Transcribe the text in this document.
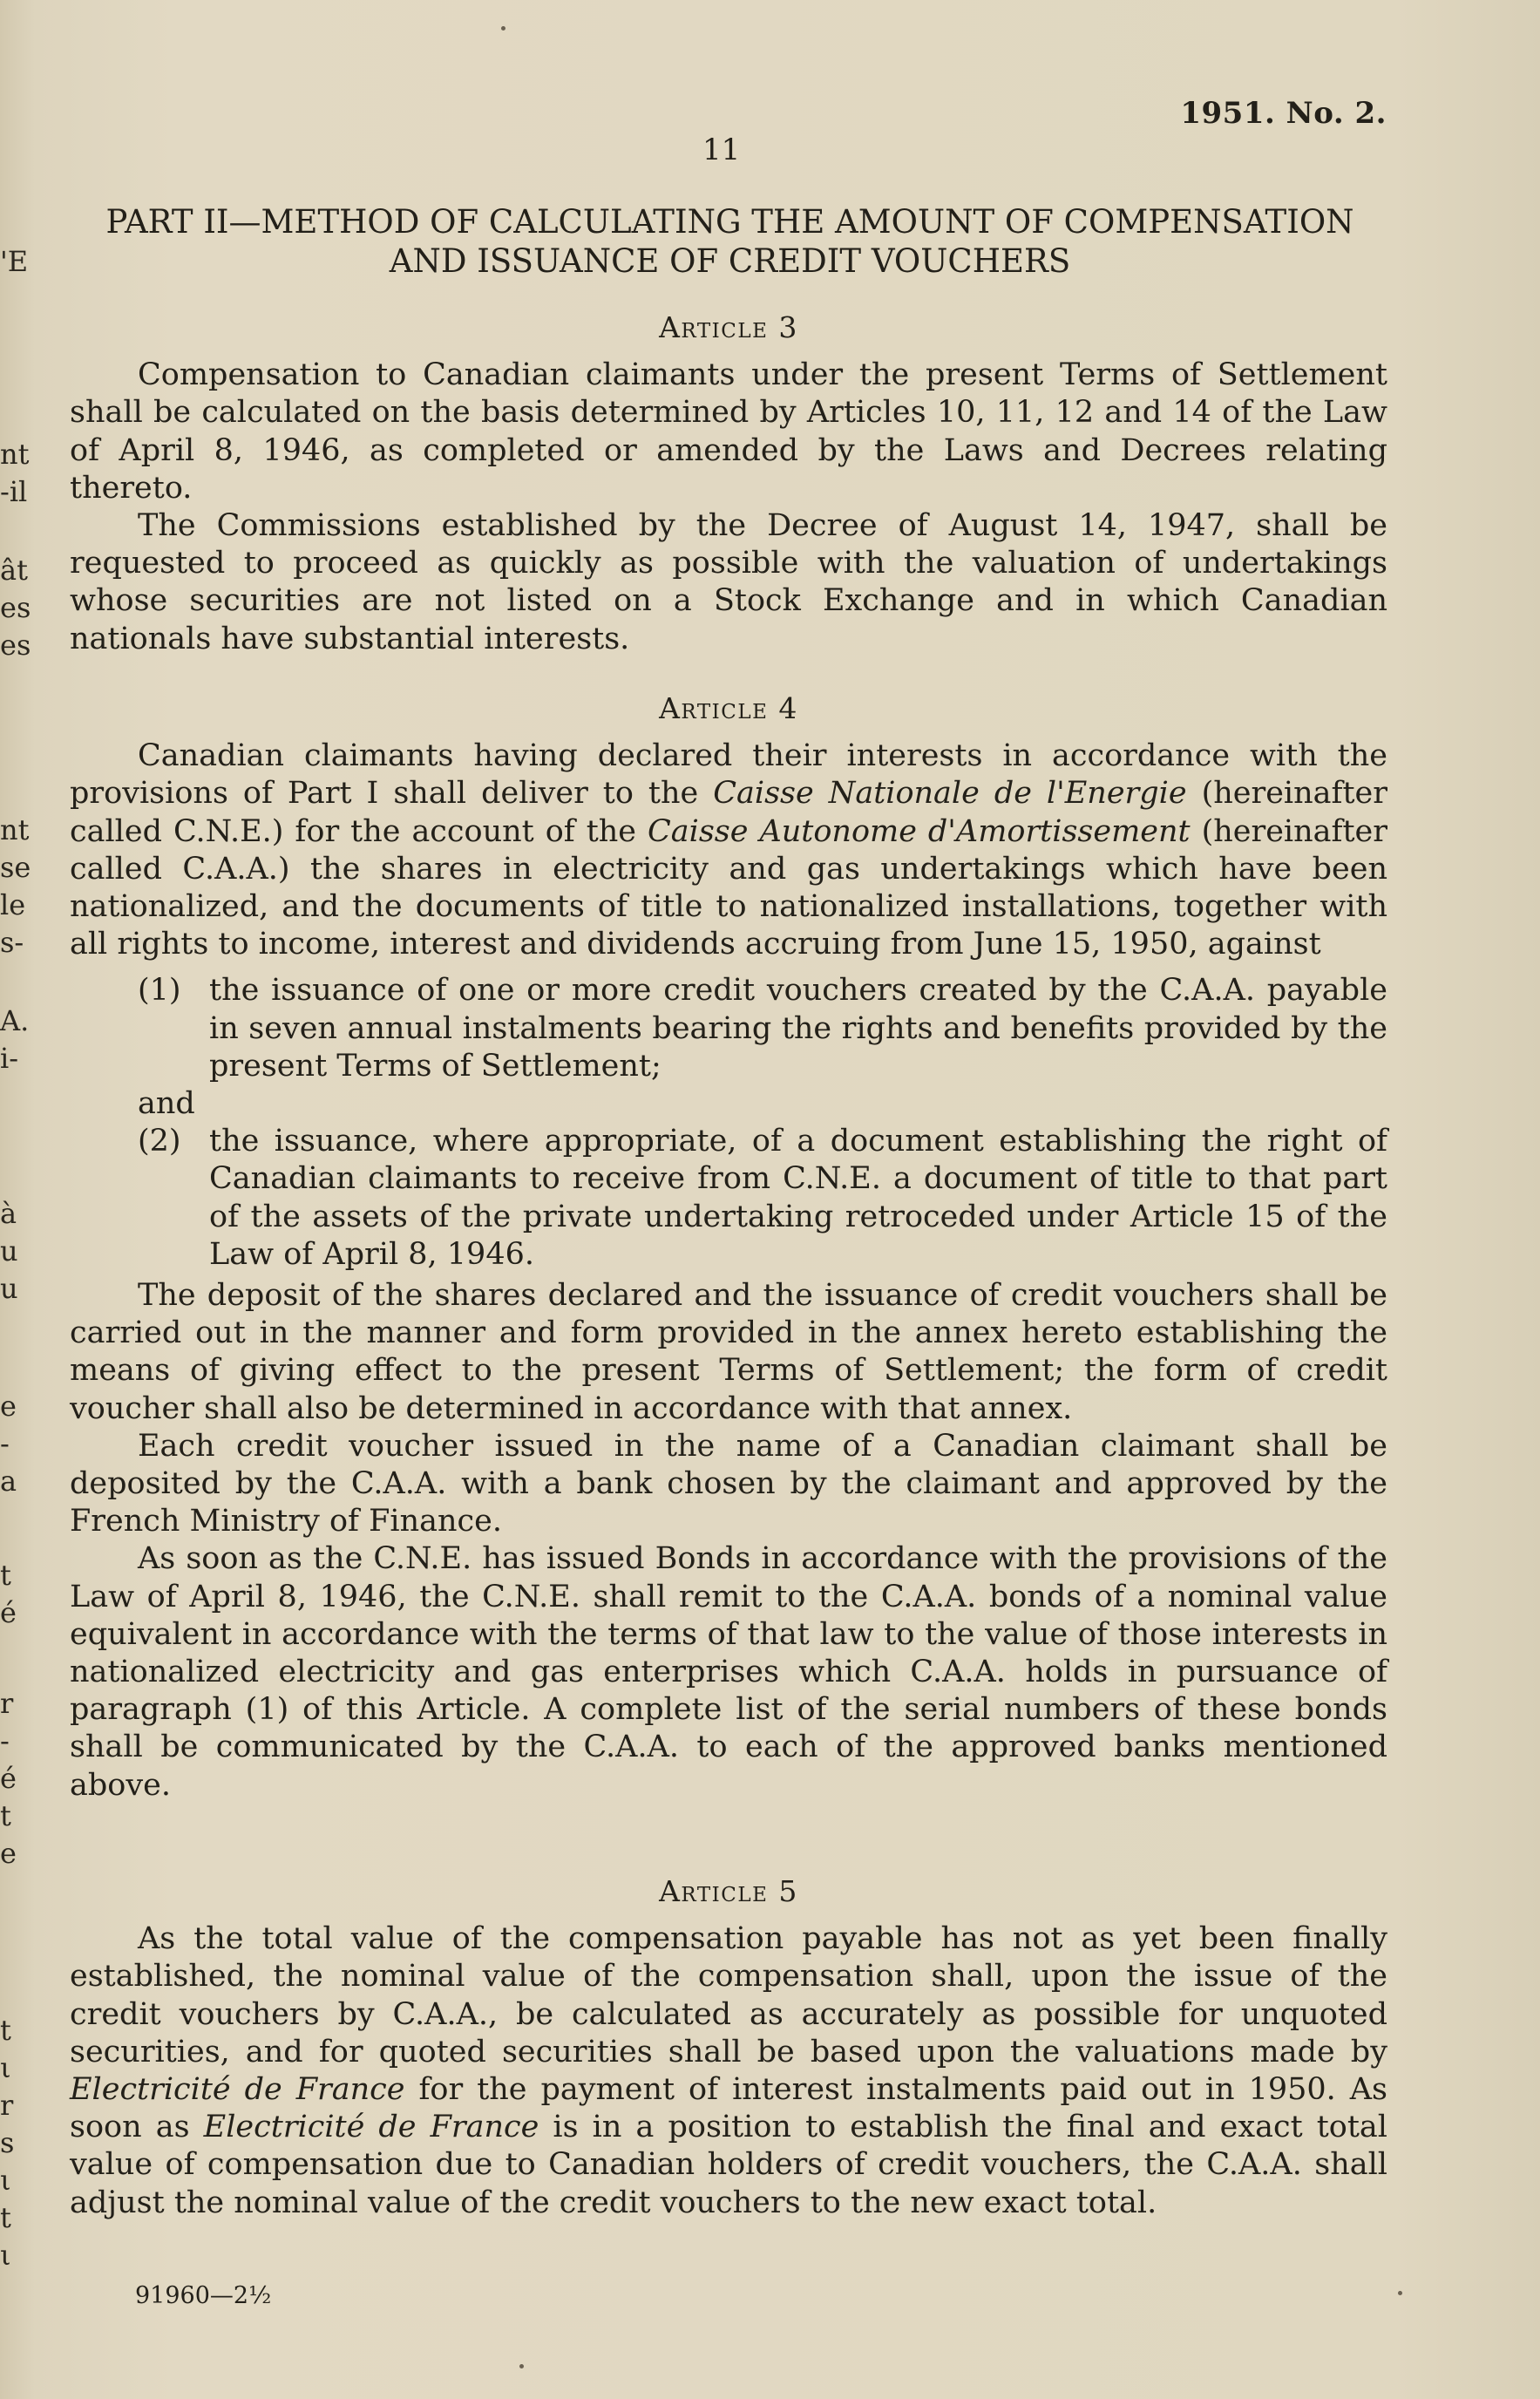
'E
nt
-il
ât
es
es
nt
se
le
s-
A.
i-
à
u
u
e
-
a
t
é
r
-
é
t
e
t
ι
r
s
ι
t
ι
1951. No. 2.
11
PART II—METHOD OF CALCULATING THE AMOUNT OF COMPENSATION
AND ISSUANCE OF CREDIT VOUCHERS

Article 3

Compensation to Canadian claimants under the present Terms of Settlement shall be calculated on the basis determined by Articles 10, 11, 12 and 14 of the Law of April 8, 1946, as completed or amended by the Laws and Decrees relating thereto.

The Commissions established by the Decree of August 14, 1947, shall be requested to proceed as quickly as possible with the valuation of undertakings whose securities are not listed on a Stock Exchange and in which Canadian nationals have substantial interests.

Article 4

Canadian claimants having declared their interests in accordance with the provisions of Part I shall deliver to the Caisse Nationale de l'Energie (hereinafter called C.N.E.) for the account of the Caisse Autonome d'Amortissement (hereinafter called C.A.A.) the shares in electricity and gas undertakings which have been nationalized, and the documents of title to nationalized installations, together with all rights to income, interest and dividends accruing from June 15, 1950, against

(1) the issuance of one or more credit vouchers created by the C.A.A. payable in seven annual instalments bearing the rights and benefits provided by the present Terms of Settlement;

and

(2) the issuance, where appropriate, of a document establishing the right of Canadian claimants to receive from C.N.E. a document of title to that part of the assets of the private undertaking retroceded under Article 15 of the Law of April 8, 1946.

The deposit of the shares declared and the issuance of credit vouchers shall be carried out in the manner and form provided in the annex hereto establishing the means of giving effect to the present Terms of Settlement; the form of credit voucher shall also be determined in accordance with that annex.

Each credit voucher issued in the name of a Canadian claimant shall be deposited by the C.A.A. with a bank chosen by the claimant and approved by the French Ministry of Finance.

As soon as the C.N.E. has issued Bonds in accordance with the provisions of the Law of April 8, 1946, the C.N.E. shall remit to the C.A.A. bonds of a nominal value equivalent in accordance with the terms of that law to the value of those interests in nationalized electricity and gas enterprises which C.A.A. holds in pursuance of paragraph (1) of this Article. A complete list of the serial numbers of these bonds shall be communicated by the C.A.A. to each of the approved banks mentioned above.

Article 5

As the total value of the compensation payable has not as yet been finally established, the nominal value of the compensation shall, upon the issue of the credit vouchers by C.A.A., be calculated as accurately as possible for unquoted securities, and for quoted securities shall be based upon the valuations made by Electricité de France for the payment of interest instalments paid out in 1950. As soon as Electricité de France is in a position to establish the final and exact total value of compensation due to Canadian holders of credit vouchers, the C.A.A. shall adjust the nominal value of the credit vouchers to the new exact total.

91960—2½
